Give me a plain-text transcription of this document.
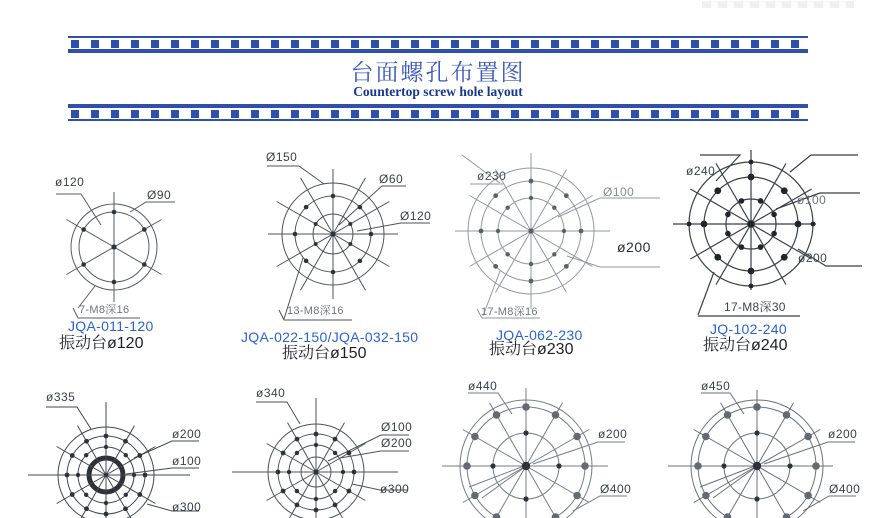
台面螺孔布置图
Countertop screw hole layout
ø120
Ø90
7-M8深16
JQA-011-120
振动台ø120
Ø150
Ø60
Ø120
13-M8深16
JQA-022-150/JQA-032-150
振动台ø150
ø230
Ø100
ø200
17-M8深16
JQA-062-230
振动台ø230
ø240
ø100
ø200
17-M8深30
JQ-102-240
振动台ø240
ø335
ø200
ø100
ø300
ø340
Ø100
Ø200
ø300
ø440
ø200
Ø400
ø450
ø200
Ø400
